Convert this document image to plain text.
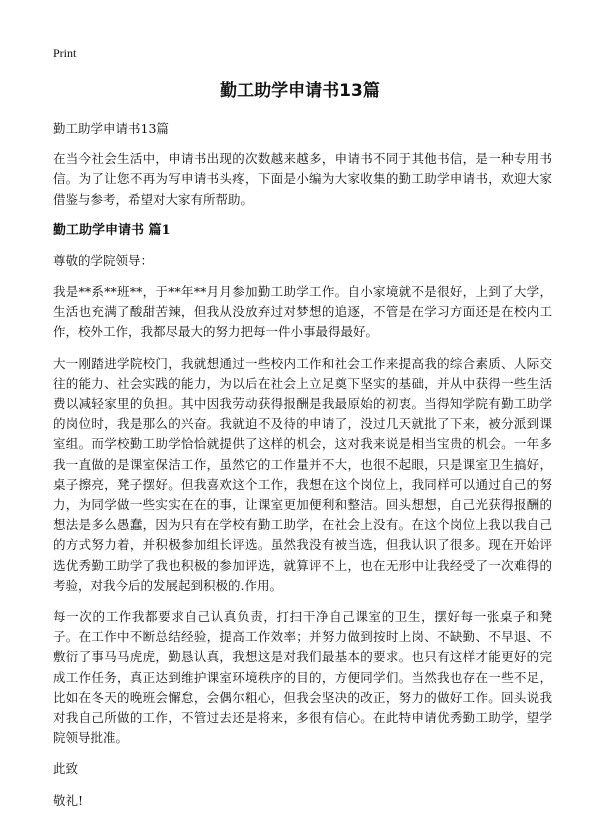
Print
勤工助学申请书13篇

勤工助学申请书13篇

在当今社会生活中，申请书出现的次数越来越多，申请书不同于其他书信，是一种专用书信。为了让您不再为写申请书头疼，下面是小编为大家收集的勤工助学申请书，欢迎大家借鉴与参考，希望对大家有所帮助。

勤工助学申请书 篇1

尊敬的学院领导：

我是**系**班**，于**年**月月参加勤工助学工作。自小家境就不是很好，上到了大学，生活也充满了酸甜苦辣，但我从没放弃过对梦想的追逐，不管是在学习方面还是在校内工作，校外工作，我都尽最大的努力把每一件小事最得最好。

大一刚踏进学院校门，我就想通过一些校内工作和社会工作来提高我的综合素质、人际交往的能力、社会实践的能力，为以后在社会上立足奠下坚实的基础，并从中获得一些生活费以减轻家里的负担。其中因我劳动获得报酬是我最原始的初衷。当得知学院有勤工助学的岗位时，我是那么的兴奋。我就迫不及待的申请了，没过几天就批了下来，被分派到课室组。而学校勤工助学恰恰就提供了这样的机会，这对我来说是相当宝贵的机会。一年多我一直做的是课室保洁工作，虽然它的工作量并不大，也很不起眼，只是课室卫生搞好，桌子擦亮，凳子摆好。但我喜欢这个工作，我想在这个岗位上，我同样可以通过自己的努力，为同学做一些实实在在的事，让课室更加便利和整洁。回头想想，自己光获得报酬的想法是多么愚蠢，因为只有在学校有勤工助学，在社会上没有。在这个岗位上我以我自己的方式努力着，并积极参加组长评选。虽然我没有被当选，但我认识了很多。现在开始评选优秀勤工助学了我也积极的参加评选，就算评不上，也在无形中让我经受了一次难得的考验，对我今后的发展起到积极的.作用。

每一次的工作我都要求自己认真负责，打扫干净自己课室的卫生，摆好每一张桌子和凳子。在工作中不断总结经验，提高工作效率；并努力做到按时上岗、不缺勤、不早退、不敷衍了事马马虎虎，勤恳认真，我想这是对我们最基本的要求。也只有这样才能更好的完成工作任务，真正达到维护课室环境秩序的目的，方便同学们。当然我也存在一些不足，比如在冬天的晚班会懈怠，会偶尔粗心，但我会坚决的改正，努力的做好工作。回头说我对我自己所做的工作，不管过去还是将来，多很有信心。在此特申请优秀勤工助学，望学院领导批准。

此致

敬礼!
